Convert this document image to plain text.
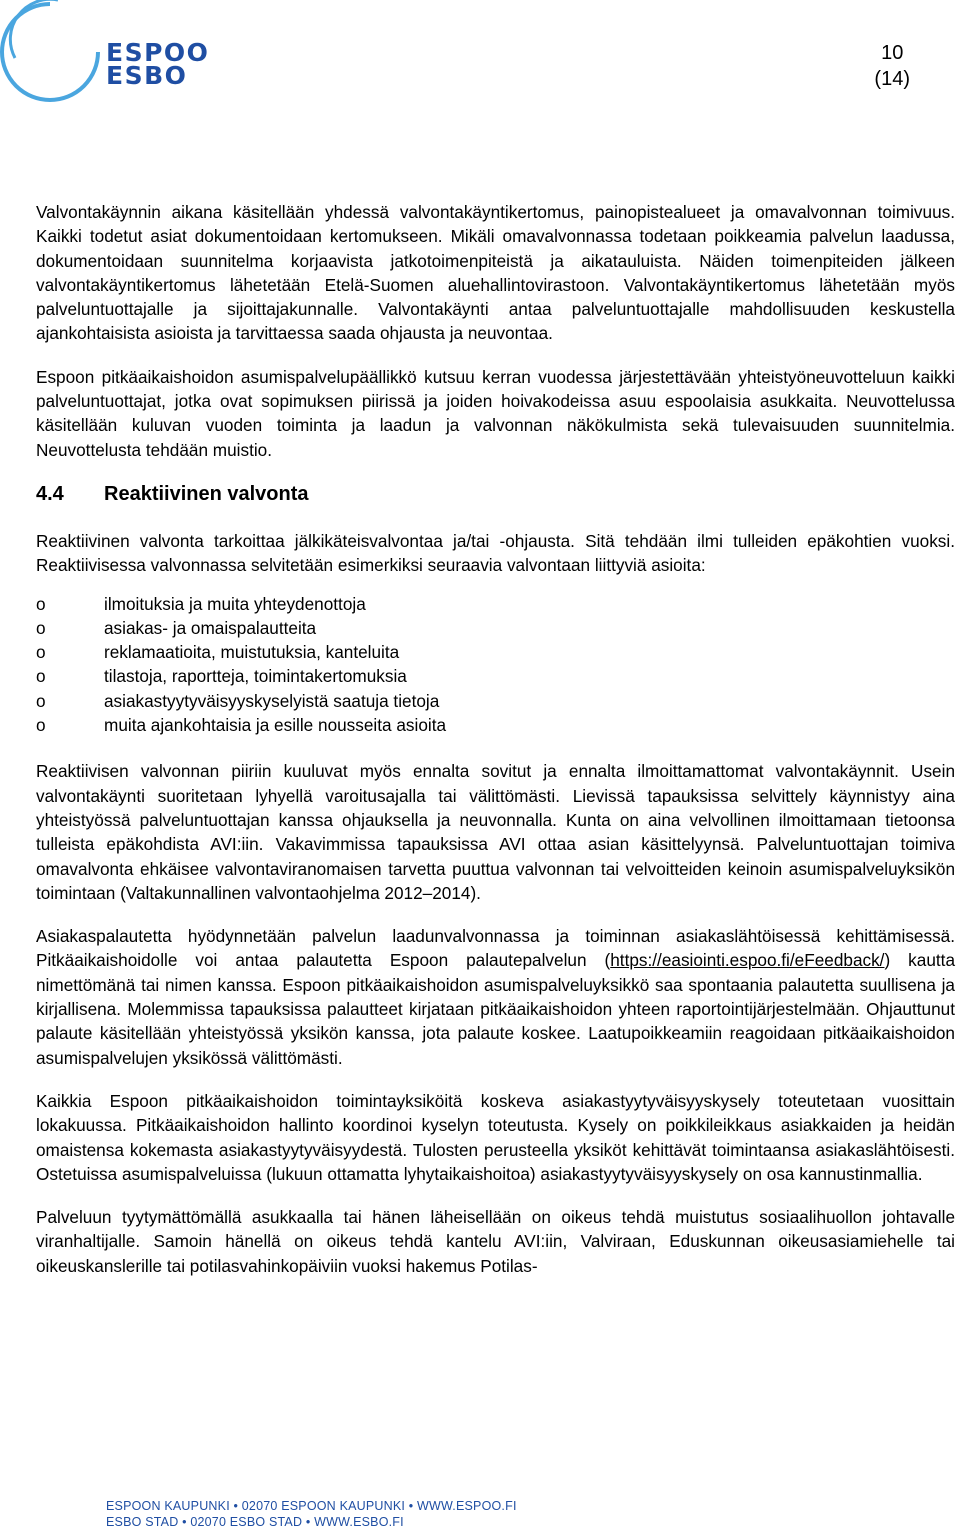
ESPOO
ESBO
10
(14)

Valvontakäynnin aikana käsitellään yhdessä valvontakäyntikertomus, painopistealueet ja omavalvonnan toimivuus. Kaikki todetut asiat dokumentoidaan kertomukseen. Mikäli omavalvonnassa todetaan poikkeamia palvelun laadussa, dokumentoidaan suunnitelma korjaavista jatkotoimenpiteistä ja aikatauluista. Näiden toimenpiteiden jälkeen valvontakäyntikertomus lähetetään Etelä-Suomen aluehallintovirastoon. Valvontakäyntikertomus lähetetään myös palveluntuottajalle ja sijoittajakunnalle. Valvontakäynti antaa palveluntuottajalle mahdollisuuden keskustella ajankohtaisista asioista ja tarvittaessa saada ohjausta ja neuvontaa.

Espoon pitkäaikaishoidon asumispalvelupäällikkö kutsuu kerran vuodessa järjestettävään yhteistyöneuvotteluun kaikki palveluntuottajat, jotka ovat sopimuksen piirissä ja joiden hoivakodeissa asuu espoolaisia asukkaita. Neuvottelussa käsitellään kuluvan vuoden toiminta ja laadun ja valvonnan näkökulmista sekä tulevaisuuden suunnitelmia. Neuvottelusta tehdään muistio.

4.4 Reaktiivinen valvonta

Reaktiivinen valvonta tarkoittaa jälkikäteisvalvontaa ja/tai -ohjausta. Sitä tehdään ilmi tulleiden epäkohtien vuoksi. Reaktiivisessa valvonnassa selvitetään esimerkiksi seuraavia valvontaan liittyviä asioita:

o	ilmoituksia ja muita yhteydenottoja
o	asiakas- ja omaispalautteita
o	reklamaatioita, muistutuksia, kanteluita
o	tilastoja, raportteja, toimintakertomuksia
o	asiakastyytyväisyyskyselyistä saatuja tietoja
o	muita ajankohtaisia ja esille nousseita asioita

Reaktiivisen valvonnan piiriin kuuluvat myös ennalta sovitut ja ennalta ilmoittamattomat valvontakäynnit. Usein valvontakäynti suoritetaan lyhyellä varoitusajalla tai välittömästi. Lievissä tapauksissa selvittely käynnistyy aina yhteistyössä palveluntuottajan kanssa ohjauksella ja neuvonnalla. Kunta on aina velvollinen ilmoittamaan tietoonsa tulleista epäkohdista AVI:iin. Vakavimmissa tapauksissa AVI ottaa asian käsittelyynsä. Palveluntuottajan toimiva omavalvonta ehkäisee valvontaviranomaisen tarvetta puuttua valvonnan tai velvoitteiden keinoin asumispalveluyksikön toimintaan (Valtakunnallinen valvontaohjelma 2012–2014).

Asiakaspalautetta hyödynnetään palvelun laadunvalvonnassa ja toiminnan asiakaslähtöisessä kehittämisessä. Pitkäaikaishoidolle voi antaa palautetta Espoon palautepalvelun (https://easiointi.espoo.fi/eFeedback/) kautta nimettömänä tai nimen kanssa. Espoon pitkäaikaishoidon asumispalveluyksikkö saa spontaania palautetta suullisena ja kirjallisena. Molemmissa tapauksissa palautteet kirjataan pitkäaikaishoidon yhteen raportointijärjestelmään. Ohjauttunut palaute käsitellään yhteistyössä yksikön kanssa, jota palaute koskee. Laatupoikkeamiin reagoidaan pitkäaikaishoidon asumispalvelujen yksikössä välittömästi.

Kaikkia Espoon pitkäaikaishoidon toimintayksiköitä koskeva asiakastyytyväisyyskysely toteutetaan vuosittain lokakuussa. Pitkäaikaishoidon hallinto koordinoi kyselyn toteutusta. Kysely on poikkileikkaus asiakkaiden ja heidän omaistensa kokemasta asiakastyytyväisyydestä. Tulosten perusteella yksiköt kehittävät toimintaansa asiakaslähtöisesti. Ostetuissa asumispalveluissa (lukuun ottamatta lyhytaikaishoitoa) asiakastyytyväisyyskysely on osa kannustinmallia.

Palveluun tyytymättömällä asukkaalla tai hänen läheisellään on oikeus tehdä muistutus sosiaalihuollon johtavalle viranhaltijalle. Samoin hänellä on oikeus tehdä kantelu AVI:iin, Valviraan, Eduskunnan oikeusasiamiehelle tai oikeuskanslerille tai potilasvahinkopäiviin vuoksi hakemus Potilas-

ESPOON KAUPUNKI • 02070 ESPOON KAUPUNKI • WWW.ESPOO.FI
ESBO STAD • 02070 ESBO STAD • WWW.ESBO.FI
